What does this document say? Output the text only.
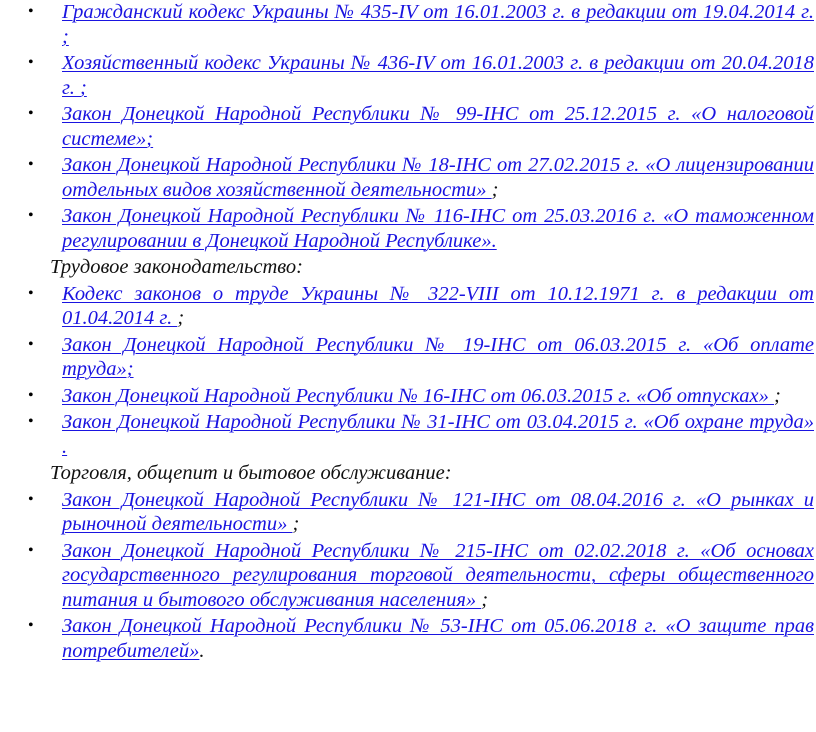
• Гражданский кодекс Украины № 435-IV от 16.01.2003 г. в редакции от 19.04.2014 г. ;
• Хозяйственный кодекс Украины № 436-IV от 16.01.2003 г. в редакции от 20.04.2018 г. ;
• Закон Донецкой Народной Республики № 99-IНС от 25.12.2015 г. «О налоговой системе»;
• Закон Донецкой Народной Республики № 18-IНС от 27.02.2015 г. «О лицензировании отдельных видов хозяйственной деятельности» ;
• Закон Донецкой Народной Республики № 116-IНС от 25.03.2016 г. «О таможенном регулировании в Донецкой Народной Республике».
Трудовое законодательство:
• Кодекс законов о труде Украины № 322-VIII от 10.12.1971 г. в редакции от 01.04.2014 г. ;
• Закон Донецкой Народной Республики № 19-IНС от 06.03.2015 г. «Об оплате труда»;
• Закон Донецкой Народной Республики № 16-IНС от 06.03.2015 г. «Об отпусках» ;
• Закон Донецкой Народной Республики № 31-IНС от 03.04.2015 г. «Об охране труда» .
Торговля, общепит и бытовое обслуживание:
• Закон Донецкой Народной Республики № 121-IНС от 08.04.2016 г. «О рынках и рыночной деятельности» ;
• Закон Донецкой Народной Республики № 215-IНС от 02.02.2018 г. «Об основах государственного регулирования торговой деятельности, сферы общественного питания и бытового обслуживания населения» ;
• Закон Донецкой Народной Республики № 53-IНС от 05.06.2018 г. «О защите прав потребителей».
